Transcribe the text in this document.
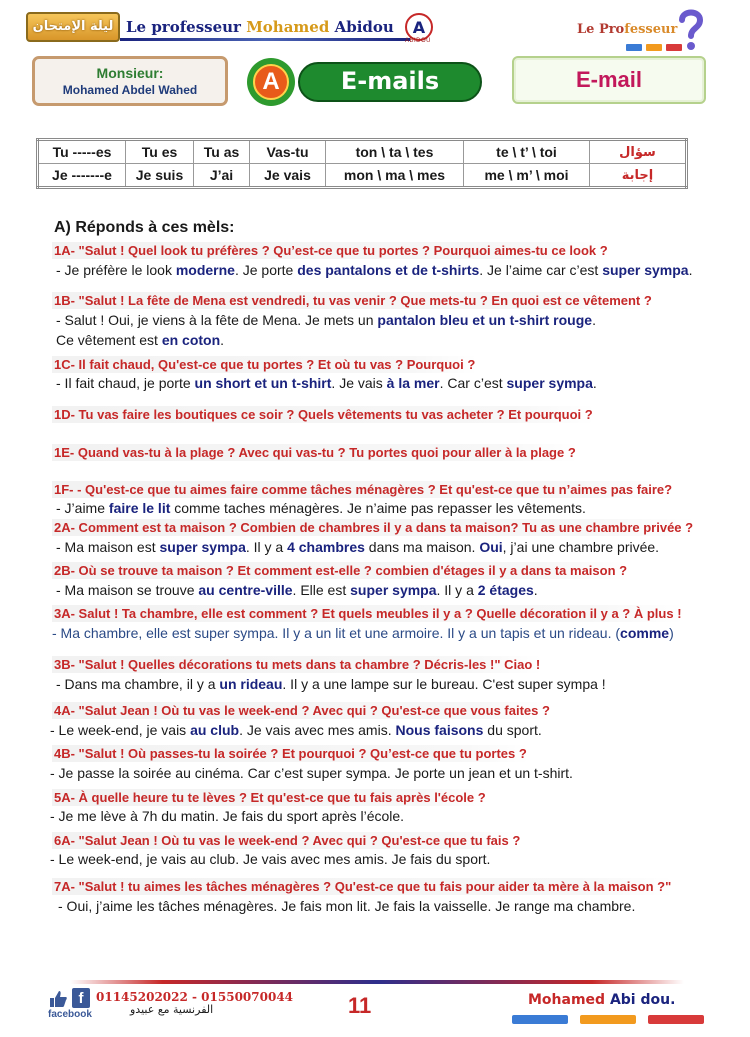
ليلة الإمتحان Le professeur Mohamed Abidou A
ABIDOU
Le Professeur
Monsieur:
Mohamed Abdel Wahed	A	E-mails	E-mail
Tu -----es	Tu es	Tu as	Vas-tu	ton \ ta \ tes	te \ t’ \ toi	سؤال
Je -------e	Je suis	J’ai	Je vais	mon \ ma \ mes	me \ m’ \ moi	إجابة
A) Réponds à ces mèls:
1A- "Salut ! Quel look tu préfères ? Qu’est-ce que tu portes ? Pourquoi aimes-tu ce look ?
- Je préfère le look moderne. Je porte des pantalons et de t-shirts. Je l’aime car c’est super sympa.
1B- "Salut ! La fête de Mena est vendredi, tu vas venir ? Que mets-tu ? En quoi est ce vêtement ?
- Salut ! Oui, je viens à la fête de Mena. Je mets un pantalon bleu et un t-shirt rouge.
Ce vêtement est en coton.
1C- Il fait chaud, Qu'est-ce que tu portes ? Et où tu vas ? Pourquoi ?
- Il fait chaud, je porte un short et un t-shirt. Je vais à la mer. Car c’est super sympa.
1D- Tu vas faire les boutiques ce soir ? Quels vêtements tu vas acheter ? Et pourquoi ?
1E- Quand vas-tu à la plage ? Avec qui vas-tu ? Tu portes quoi pour aller à la plage ?
1F- - Qu'est-ce que tu aimes faire comme tâches ménagères ? Et qu'est-ce que tu n’aimes pas faire?
- J’aime faire le lit comme taches ménagères. Je n’aime pas repasser les vêtements.
2A- Comment est ta maison ? Combien de chambres il y a dans ta maison? Tu as une chambre privée ?
- Ma maison est super sympa. Il y a 4 chambres dans ma maison. Oui, j’ai une chambre privée.
2B- Où se trouve ta maison ? Et comment est-elle ? combien d'étages il y a dans ta maison ?
- Ma maison se trouve au centre-ville. Elle est super sympa. Il y a 2 étages.
3A- Salut ! Ta chambre, elle est comment ? Et quels meubles il y a ? Quelle décoration il y a ? À plus !
- Ma chambre, elle est super sympa. Il y a un lit et une armoire. Il y a un tapis et un rideau. (comme)
3B- "Salut ! Quelles décorations tu mets dans ta chambre ? Décris-les !" Ciao !
- Dans ma chambre, il y a un rideau. Il y a une lampe sur le bureau. C'est super sympa !
4A- "Salut Jean ! Où tu vas le week-end ? Avec qui ? Qu'est-ce que vous faites ?
- Le week-end, je vais au club. Je vais avec mes amis. Nous faisons du sport.
4B- "Salut ! Où passes-tu la soirée ? Et pourquoi ? Qu’est-ce que tu portes ?
- Je passe la soirée au cinéma. Car c’est super sympa. Je porte un jean et un t-shirt.
5A- À quelle heure tu te lèves ? Et qu'est-ce que tu fais après l'école ?
- Je me lève à 7h du matin. Je fais du sport après l’école.
6A- "Salut Jean ! Où tu vas le week-end ? Avec qui ? Qu'est-ce que tu fais ?
- Le week-end, je vais au club. Je vais avec mes amis. Je fais du sport.
7A- "Salut ! tu aimes les tâches ménagères ? Qu'est-ce que tu fais pour aider ta mère à la maison ?"
- Oui, j’aime les tâches ménagères. Je fais mon lit. Je fais la vaisselle. Je range ma chambre.
f
facebook
01145202022 - 01550070044
الفرنسية مع عبيدو	11	Mohamed Abi dou.
